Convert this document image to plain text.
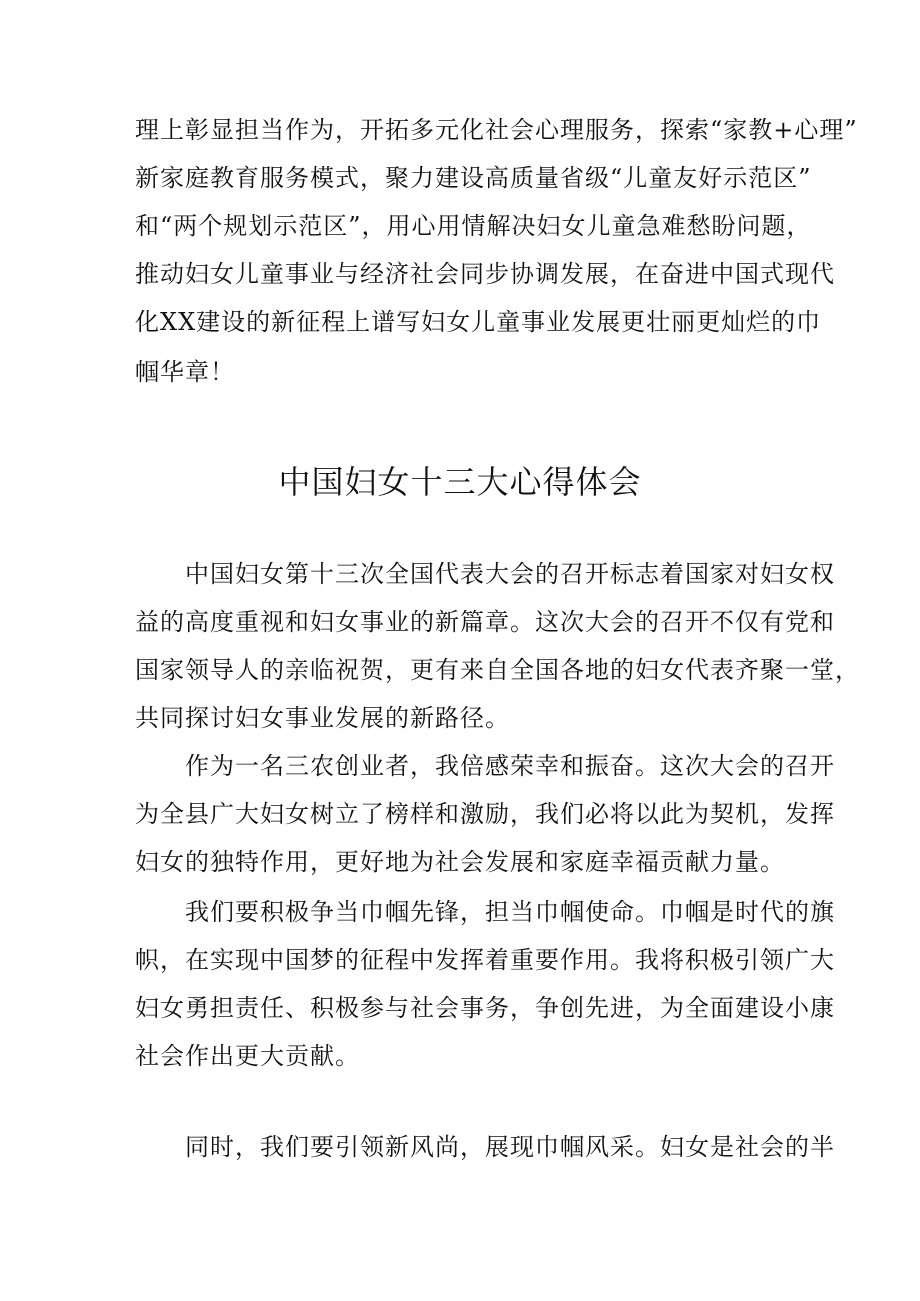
理上彰显担当作为，开拓多元化社会心理服务，探索“家教+心理”
新家庭教育服务模式，聚力建设高质量省级“儿童友好示范区”
和“两个规划示范区”，用心用情解决妇女儿童急难愁盼问题，
推动妇女儿童事业与经济社会同步协调发展，在奋进中国式现代
化XX建设的新征程上谱写妇女儿童事业发展更壮丽更灿烂的巾
帼华章！
中国妇女十三大心得体会
　　中国妇女第十三次全国代表大会的召开标志着国家对妇女权
益的高度重视和妇女事业的新篇章。这次大会的召开不仅有党和
国家领导人的亲临祝贺，更有来自全国各地的妇女代表齐聚一堂，
共同探讨妇女事业发展的新路径。
　　作为一名三农创业者，我倍感荣幸和振奋。这次大会的召开
为全县广大妇女树立了榜样和激励，我们必将以此为契机，发挥
妇女的独特作用，更好地为社会发展和家庭幸福贡献力量。
　　我们要积极争当巾帼先锋，担当巾帼使命。巾帼是时代的旗
帜，在实现中国梦的征程中发挥着重要作用。我将积极引领广大
妇女勇担责任、积极参与社会事务，争创先进，为全面建设小康
社会作出更大贡献。
　　同时，我们要引领新风尚，展现巾帼风采。妇女是社会的半
